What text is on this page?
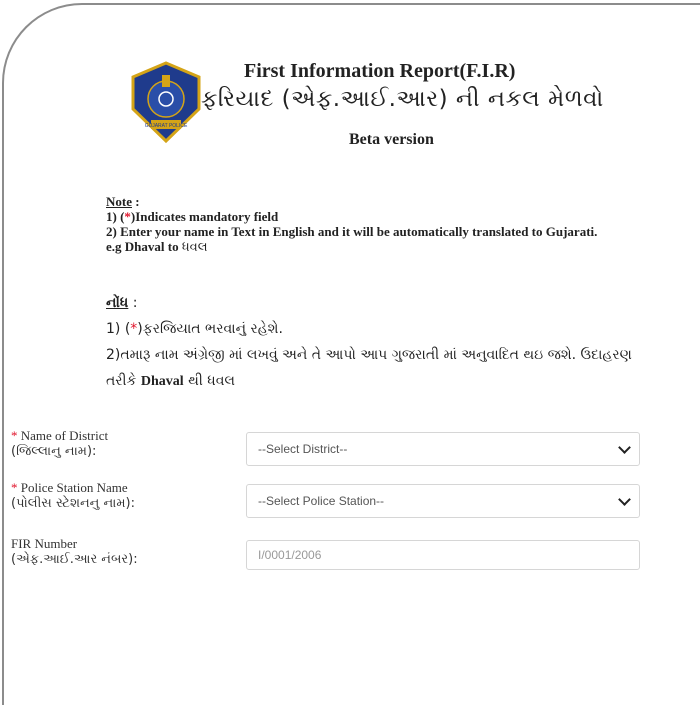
GUJARAT POLICE
First Information Report(F.I.R)
ફરિયાદ (એફ.આઈ.આર) ની નકલ મેળવો
Beta version
Note :
1) (*)Indicates mandatory field
2) Enter your name in Text in English and it will be automatically translated to Gujarati.
e.g Dhaval to ધવલ
નોંધ :
1) (*)ફરજિયાત ભરવાનું રહેશે.
2)તમારૂ નામ અંગ્રેજી માં લખવું અને તે આપો આપ ગુજરાતી માં અનુવાદિત થઇ જશે. ઉદાહરણ
તરીકે Dhaval થી ધવલ
* Name of District
(જિલ્લાનુ નામ):	--Select District--
* Police Station Name
(પોલીસ સ્ટેશનનુ નામ):	--Select Police Station--
FIR Number
(એફ.આઈ.આર નંબર):	I/0001/2006
